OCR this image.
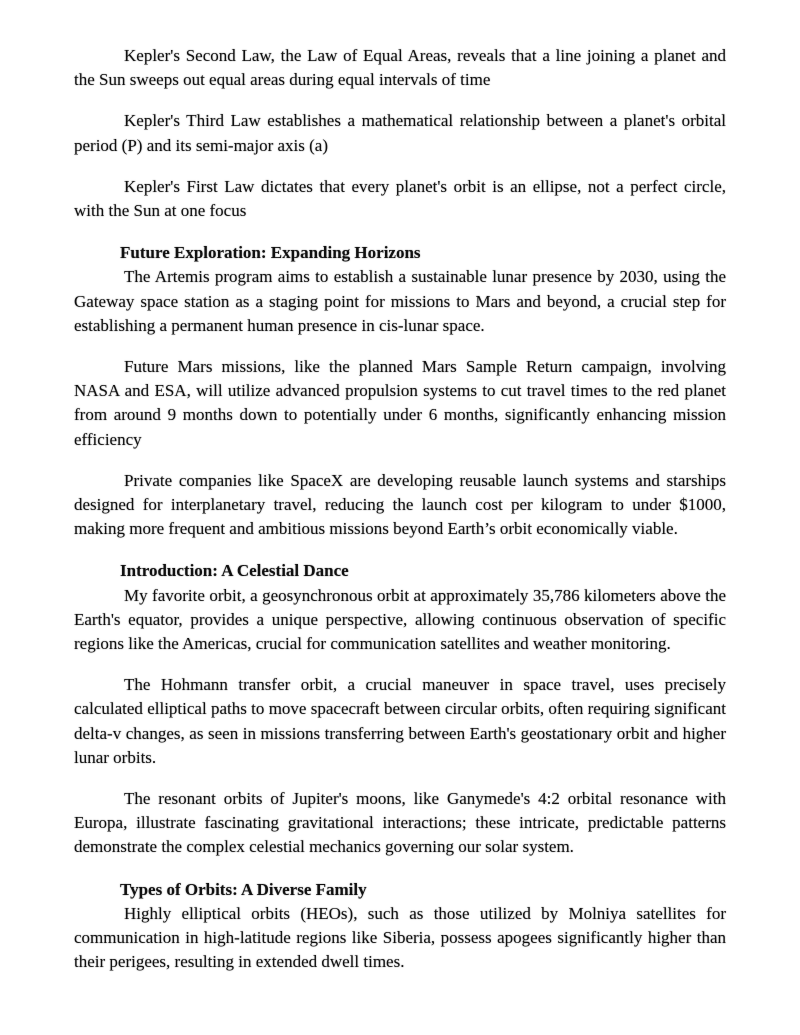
Kepler's Second Law, the Law of Equal Areas, reveals that a line joining a planet and the Sun sweeps out equal areas during equal intervals of time

Kepler's Third Law establishes a mathematical relationship between a planet's orbital period (P) and its semi-major axis (a)

Kepler's First Law dictates that every planet's orbit is an ellipse, not a perfect circle, with the Sun at one focus

Future Exploration: Expanding Horizons

The Artemis program aims to establish a sustainable lunar presence by 2030, using the Gateway space station as a staging point for missions to Mars and beyond, a crucial step for establishing a permanent human presence in cis-lunar space.

Future Mars missions, like the planned Mars Sample Return campaign, involving NASA and ESA, will utilize advanced propulsion systems to cut travel times to the red planet from around 9 months down to potentially under 6 months, significantly enhancing mission efficiency

Private companies like SpaceX are developing reusable launch systems and starships designed for interplanetary travel, reducing the launch cost per kilogram to under $1000, making more frequent and ambitious missions beyond Earth’s orbit economically viable.

Introduction: A Celestial Dance

My favorite orbit, a geosynchronous orbit at approximately 35,786 kilometers above the Earth's equator, provides a unique perspective, allowing continuous observation of specific regions like the Americas, crucial for communication satellites and weather monitoring.

The Hohmann transfer orbit, a crucial maneuver in space travel, uses precisely calculated elliptical paths to move spacecraft between circular orbits, often requiring significant delta-v changes, as seen in missions transferring between Earth's geostationary orbit and higher lunar orbits.

The resonant orbits of Jupiter's moons, like Ganymede's 4:2 orbital resonance with Europa, illustrate fascinating gravitational interactions; these intricate, predictable patterns demonstrate the complex celestial mechanics governing our solar system.

Types of Orbits: A Diverse Family

Highly elliptical orbits (HEOs), such as those utilized by Molniya satellites for communication in high-latitude regions like Siberia, possess apogees significantly higher than their perigees, resulting in extended dwell times.
